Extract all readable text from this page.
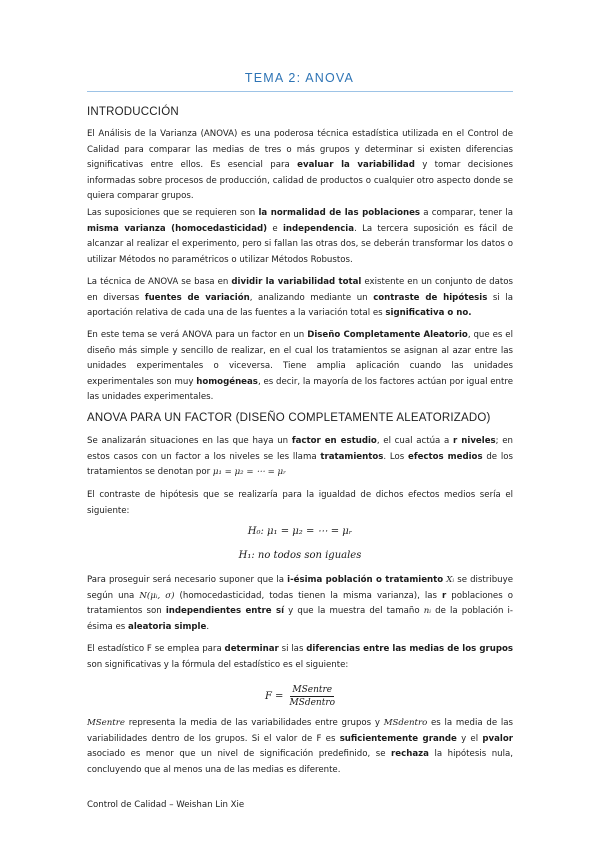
TEMA 2: ANOVA
INTRODUCCIÓN

El Análisis de la Varianza (ANOVA) es una poderosa técnica estadística utilizada en el Control de Calidad para comparar las medias de tres o más grupos y determinar si existen diferencias significativas entre ellos. Es esencial para evaluar la variabilidad y tomar decisiones informadas sobre procesos de producción, calidad de productos o cualquier otro aspecto donde se quiera comparar grupos.

Las suposiciones que se requieren son la normalidad de las poblaciones a comparar, tener la misma varianza (homocedasticidad) e independencia. La tercera suposición es fácil de alcanzar al realizar el experimento, pero si fallan las otras dos, se deberán transformar los datos o utilizar Métodos no paramétricos o utilizar Métodos Robustos.

La técnica de ANOVA se basa en dividir la variabilidad total existente en un conjunto de datos en diversas fuentes de variación, analizando mediante un contraste de hipótesis si la aportación relativa de cada una de las fuentes a la variación total es significativa o no.

En este tema se verá ANOVA para un factor en un Diseño Completamente Aleatorio, que es el diseño más simple y sencillo de realizar, en el cual los tratamientos se asignan al azar entre las unidades experimentales o viceversa. Tiene amplia aplicación cuando las unidades experimentales son muy homogéneas, es decir, la mayoría de los factores actúan por igual entre las unidades experimentales.

ANOVA PARA UN FACTOR (DISEÑO COMPLETAMENTE ALEATORIZADO)

Se analizarán situaciones en las que haya un factor en estudio, el cual actúa a r niveles; en estos casos con un factor a los niveles se les llama tratamientos. Los efectos medios de los tratamientos se denotan por μ₁ = μ₂ = ⋯ = μᵣ

El contraste de hipótesis que se realizaría para la igualdad de dichos efectos medios sería el siguiente:

H₀: μ₁ = μ₂ = ⋯ = μᵣ
H₁: no todos son iguales

Para proseguir será necesario suponer que la i-ésima población o tratamiento Xᵢ se distribuye según una N(μᵢ, σ) (homocedasticidad, todas tienen la misma varianza), las r poblaciones o tratamientos son independientes entre sí y que la muestra del tamaño nᵢ de la población i-ésima es aleatoria simple.

El estadístico F se emplea para determinar si las diferencias entre las medias de los grupos son significativas y la fórmula del estadístico es el siguiente:

$F = \frac{\text{MSentre}}{\text{MSdentro}}$

MSentre representa la media de las variabilidades entre grupos y MSdentro es la media de las variabilidades dentro de los grupos. Si el valor de F es suficientemente grande y el pvalor asociado es menor que un nivel de significación predefinido, se rechaza la hipótesis nula, concluyendo que al menos una de las medias es diferente.

Control de Calidad – Weishan Lin Xie
